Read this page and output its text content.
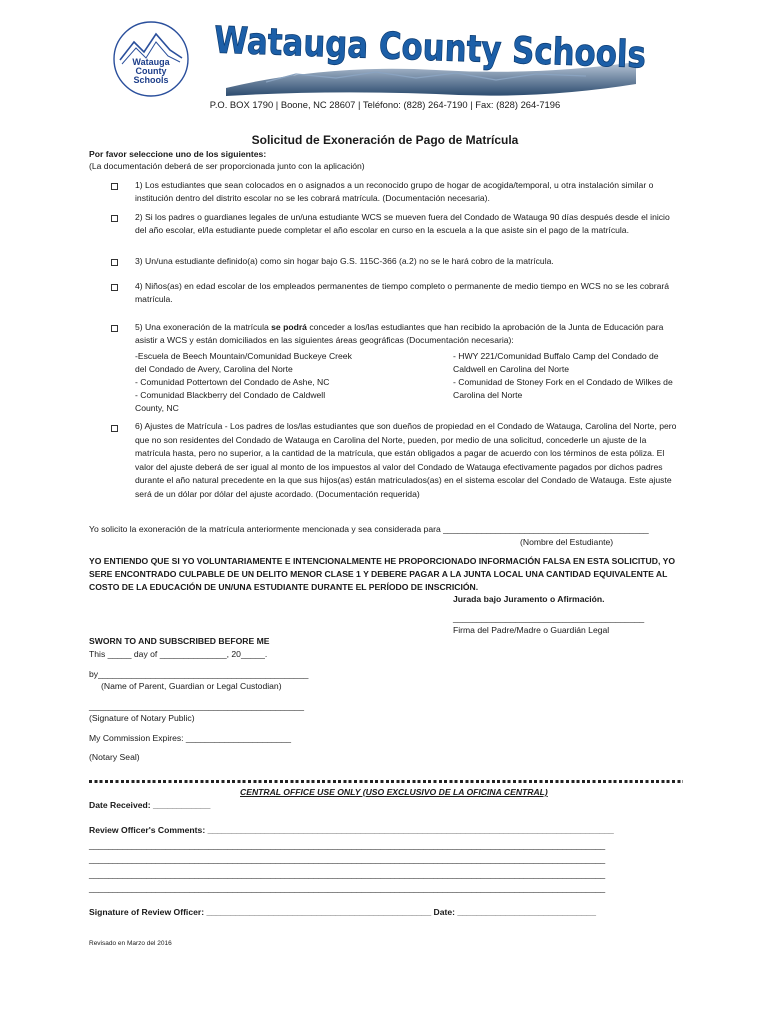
Watauga
County
Schools
Watauga County Schools
P.O. BOX 1790 | Boone, NC 28607 | Teléfono: (828) 264-7190 | Fax: (828) 264-7196
Solicitud de Exoneración de Pago de Matrícula
Por favor seleccione uno de los siguientes:
(La documentación deberá de ser proporcionada junto con la aplicación)
1) Los estudiantes que sean colocados en o asignados a un reconocido grupo de hogar de acogida/temporal, u otra instalación similar o institución dentro del distrito escolar no se les cobrará matrícula. (Documentación necesaria).
2) Si los padres o guardianes legales de un/una estudiante WCS se mueven fuera del Condado de Watauga 90 días después desde el inicio del año escolar, el/la estudiante puede completar el año escolar en curso en la escuela a la que asiste sin el pago de la matrícula.
3) Un/una estudiante definido(a) como sin hogar bajo G.S. 115C-366 (a.2) no se le hará cobro de la matrícula.
4) Niños(as) en edad escolar de los empleados permanentes de tiempo completo o permanente de medio tiempo en WCS no se les cobrará matrícula.
5) Una exoneración de la matrícula se podrá conceder a los/las estudiantes que han recibido la aprobación de la Junta de Educación para asistir a WCS y están domiciliados en las siguientes áreas geográficas (Documentación necesaria):
-Escuela de Beech Mountain/Comunidad Buckeye Creek del Condado de Avery, Carolina del Norte
- Comunidad Pottertown del Condado de Ashe, NC
- Comunidad Blackberry del Condado de Caldwell County, NC
- HWY 221/Comunidad Buffalo Camp del Condado de Caldwell en Carolina del Norte
- Comunidad de Stoney Fork en el Condado de Wilkes de Carolina del Norte
6) Ajustes de Matrícula - Los padres de los/las estudiantes que son dueños de propiedad en el Condado de Watauga, Carolina del Norte, pero que no son residentes del Condado de Watauga en Carolina del Norte, pueden, por medio de una solicitud, concederle un ajuste de la matrícula hasta, pero no superior, a la cantidad de la matrícula, que están obligados a pagar de acuerdo con los términos de esta póliza. El valor del ajuste deberá de ser igual al monto de los impuestos al valor del Condado de Watauga efectivamente pagados por dichos padres durante el año natural precedente en la que sus hijos(as) están matriculados(as) en el sistema escolar del Condado de Watauga. Este ajuste será de un dólar por dólar del ajuste acordado. (Documentación requerida)
Yo solicito la exoneración de la matrícula anteriormente mencionada y sea considerada para ___________________________________________
(Nombre del Estudiante)
YO ENTIENDO QUE SI YO VOLUNTARIAMENTE E INTENCIONALMENTE HE PROPORCIONADO INFORMACIÓN FALSA EN ESTA SOLICITUD, YO SERE ENCONTRADO CULPABLE DE UN DELITO MENOR CLASE 1 Y DEBERE PAGAR A LA JUNTA LOCAL UNA CANTIDAD EQUIVALENTE AL COSTO DE LA EDUCACIÓN DE UN/UNA ESTUDIANTE DURANTE EL PERÍODO DE INSCRICIÓN.
Jurada bajo Juramento o Afirmación.
________________________________________
Firma del Padre/Madre o Guardián Legal
SWORN TO AND SUBSCRIBED BEFORE ME
This _____ day of ______________, 20_____.
by____________________________________________
(Name of Parent, Guardian or Legal Custodian)
_____________________________________________
(Signature of Notary Public)
My Commission Expires: ______________________
(Notary Seal)
CENTRAL OFFICE USE ONLY (USO EXCLUSIVO DE LA OFICINA CENTRAL)
Date Received: ____________
Review Officer's Comments: _____________________________________________________________________________________
____________________________________________________________________________________________________________
____________________________________________________________________________________________________________
____________________________________________________________________________________________________________
____________________________________________________________________________________________________________
Signature of Review Officer: _______________________________________________ Date: _____________________________
Revisado en Marzo del 2016
